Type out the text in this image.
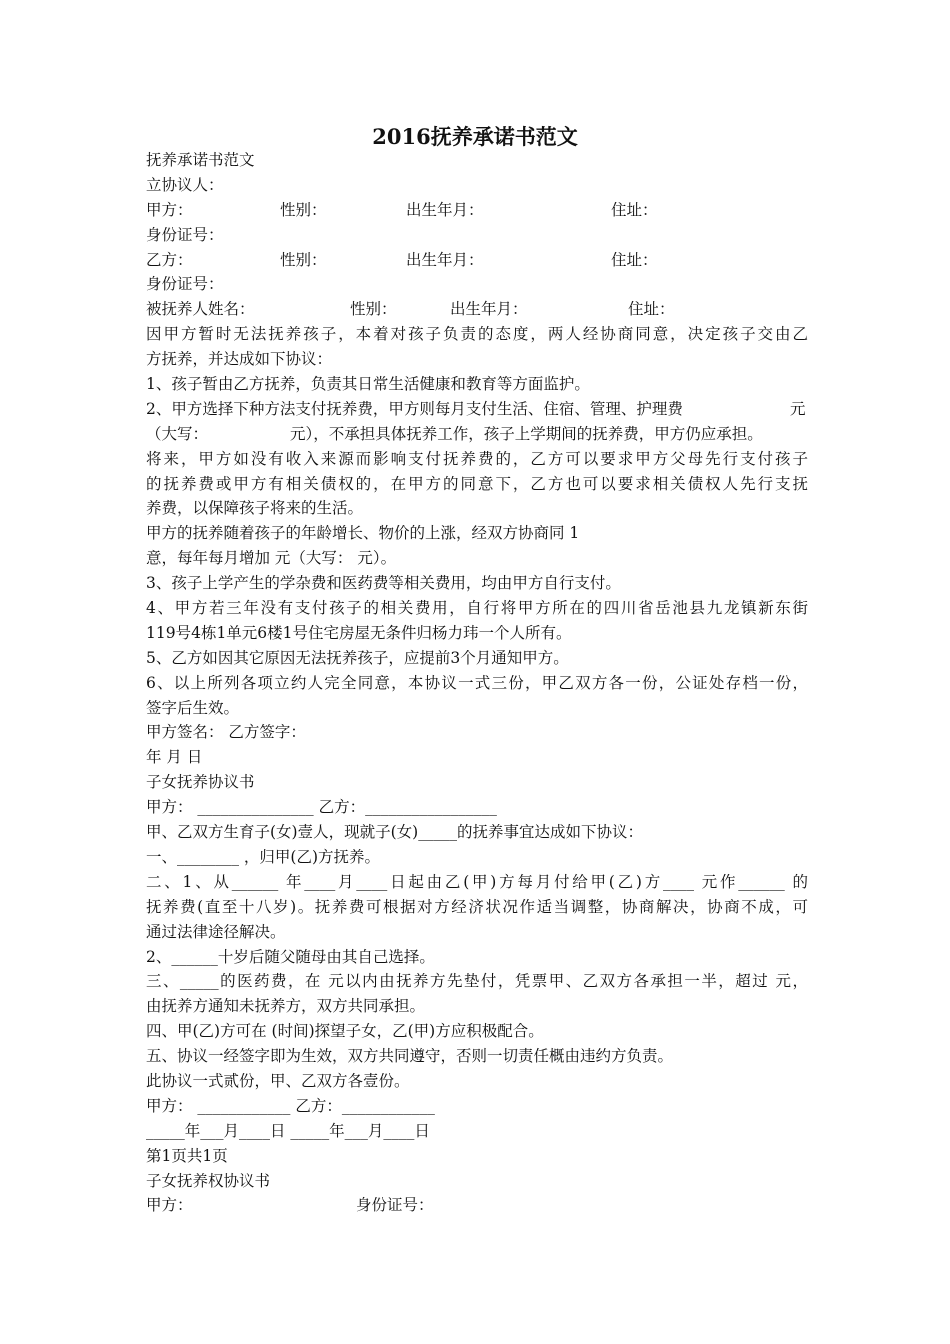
2016抚养承诺书范文
抚养承诺书范文
立协议人：
甲方：	性别：	出生年月：	住址：
身份证号：
乙方：	性别：	出生年月：	住址：
身份证号：
被抚养人姓名：	性别：	出生年月：	住址：
因甲方暂时无法抚养孩子，本着对孩子负责的态度，两人经协商同意，决定孩子交由乙
方抚养，并达成如下协议：
1、孩子暂由乙方抚养，负责其日常生活健康和教育等方面监护。
2、甲方选择下种方法支付抚养费，甲方则每月支付生活、住宿、管理、护理费	元
（大写：	元），不承担具体抚养工作，孩子上学期间的抚养费，甲方仍应承担。
将来，甲方如没有收入来源而影响支付抚养费的，乙方可以要求甲方父母先行支付孩子
的抚养费或甲方有相关债权的，在甲方的同意下，乙方也可以要求相关债权人先行支抚
养费，以保障孩子将来的生活。
甲方的抚养随着孩子的年龄增长、物价的上涨，经双方协商同 1
意，每年每月增加 元（大写： 元）。
3、孩子上学产生的学杂费和医药费等相关费用，均由甲方自行支付。
4、甲方若三年没有支付孩子的相关费用，自行将甲方所在的四川省岳池县九龙镇新东街
119号4栋1单元6楼1号住宅房屋无条件归杨力玮一个人所有。
5、乙方如因其它原因无法抚养孩子，应提前3个月通知甲方。
6、以上所列各项立约人完全同意，本协议一式三份，甲乙双方各一份，公证处存档一份，
签字后生效。
甲方签名： 乙方签字：
年 月 日
子女抚养协议书
甲方： _______________ 乙方：_________________
甲、乙双方生育子(女)壹人，现就子(女)_____的抚养事宜达成如下协议：
一、________ ，归甲(乙)方抚养。
二、1、从______ 年____月____日起由乙(甲)方每月付给甲(乙)方____ 元作______ 的
抚养费(直至十八岁)。抚养费可根据对方经济状况作适当调整，协商解决，协商不成，可
通过法律途径解决。
2、______十岁后随父随母由其自己选择。
三、_____的医药费，在 元以内由抚养方先垫付，凭票甲、乙双方各承担一半，超过 元，
由抚养方通知未抚养方，双方共同承担。
四、甲(乙)方可在 (时间)探望子女，乙(甲)方应积极配合。
五、协议一经签字即为生效，双方共同遵守，否则一切责任概由违约方负责。
此协议一式贰份，甲、乙双方各壹份。
甲方： ____________ 乙方：____________
_____年___月____日 _____年___月____日
第1页共1页
子女抚养权协议书
甲方：	身份证号：
